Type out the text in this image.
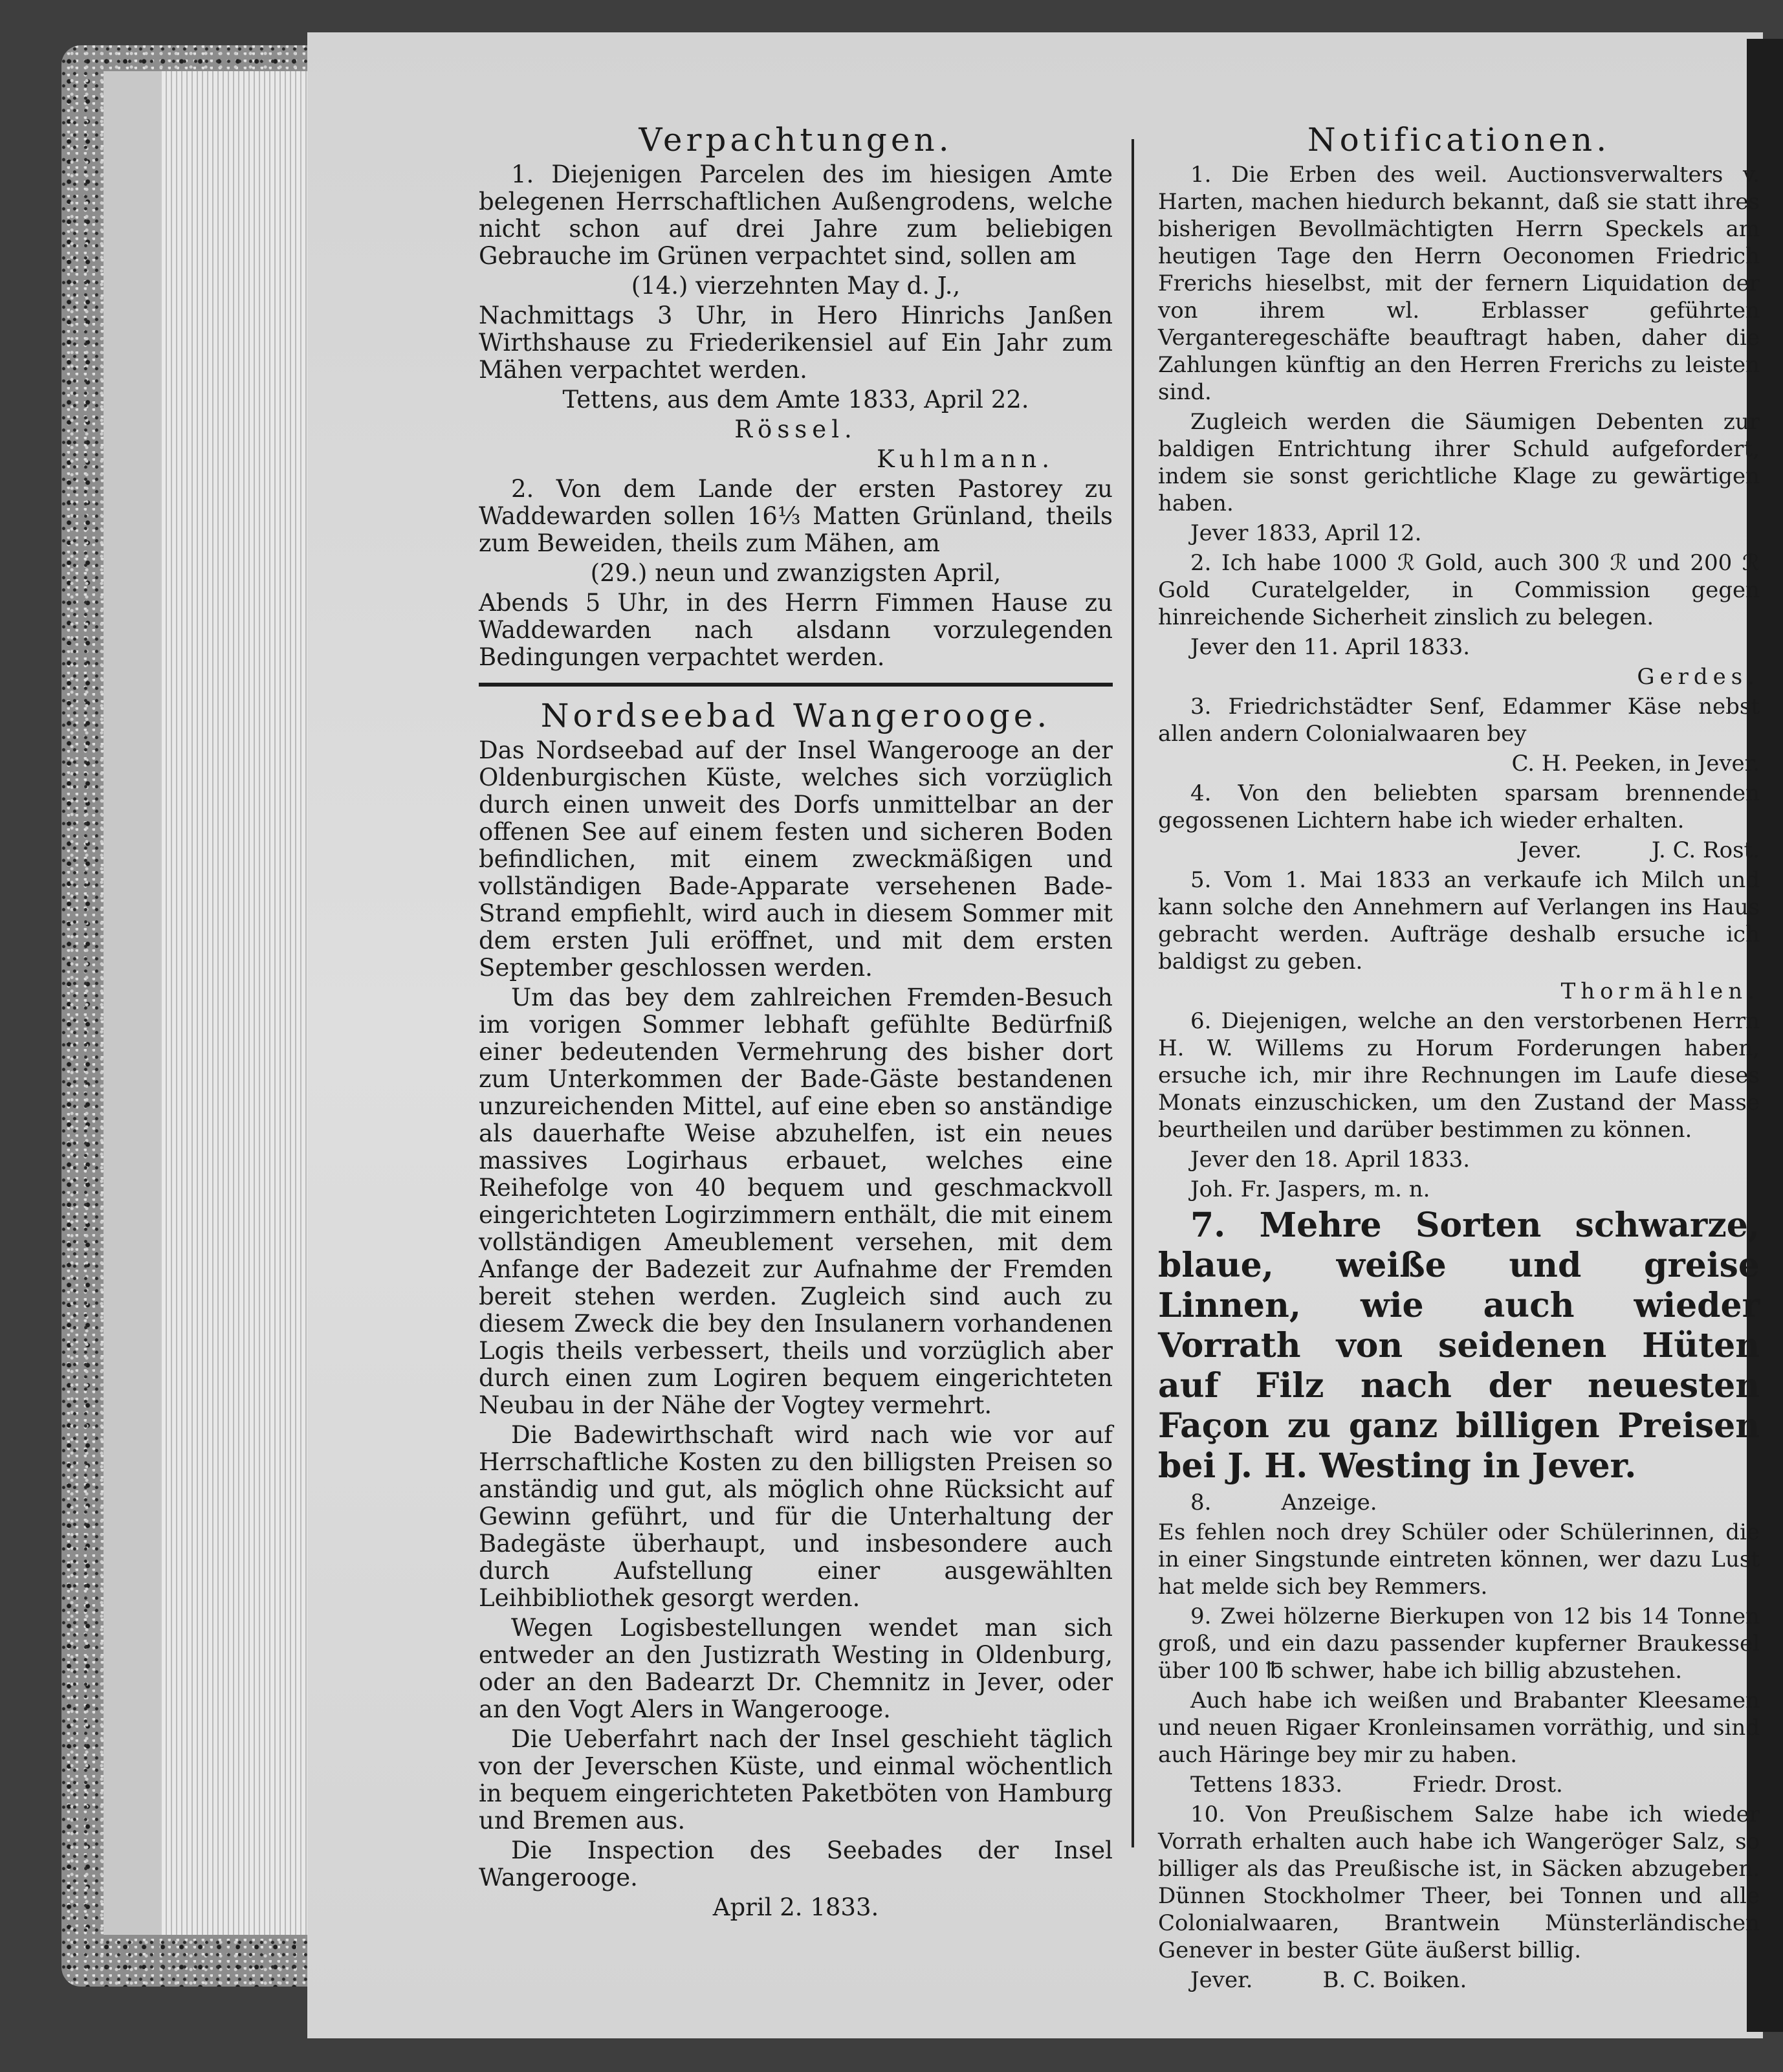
Verpachtungen.

1. Diejenigen Parcelen des im hiesigen Amte belegenen Herrschaftlichen Außengrodens, welche nicht schon auf drei Jahre zum beliebigen Gebrauche im Grünen verpachtet sind, sollen am

(14.) vierzehnten May d. J.,

Nachmittags 3 Uhr, in Hero Hinrichs Janßen Wirthshause zu Friederikensiel auf Ein Jahr zum Mähen verpachtet werden.

Tettens, aus dem Amte 1833, April 22.

Rössel.

Kuhlmann.

2. Von dem Lande der ersten Pastorey zu Waddewarden sollen 16⅓ Matten Grünland, theils zum Beweiden, theils zum Mähen, am

(29.) neun und zwanzigsten April,

Abends 5 Uhr, in des Herrn Fimmen Hause zu Waddewarden nach alsdann vorzulegenden Bedingungen verpachtet werden.

Nordseebad Wangerooge.

Das Nordseebad auf der Insel Wangerooge an der Oldenburgischen Küste, welches sich vorzüglich durch einen unweit des Dorfs unmittelbar an der offenen See auf einem festen und sicheren Boden befindlichen, mit einem zweckmäßigen und vollständigen Bade-Apparate versehenen Bade-Strand empfiehlt, wird auch in diesem Sommer mit dem ersten Juli eröffnet, und mit dem ersten September geschlossen werden.

Um das bey dem zahlreichen Fremden-Besuch im vorigen Sommer lebhaft gefühlte Bedürfniß einer bedeutenden Vermehrung des bisher dort zum Unterkommen der Bade-Gäste bestandenen unzureichenden Mittel, auf eine eben so anständige als dauerhafte Weise abzuhelfen, ist ein neues massives Logirhaus erbauet, welches eine Reihefolge von 40 bequem und geschmackvoll eingerichteten Logirzimmern enthält, die mit einem vollständigen Ameublement versehen, mit dem Anfange der Badezeit zur Aufnahme der Fremden bereit stehen werden. Zugleich sind auch zu diesem Zweck die bey den Insulanern vorhandenen Logis theils verbessert, theils und vorzüglich aber durch einen zum Logiren bequem eingerichteten Neubau in der Nähe der Vogtey vermehrt.

Die Badewirthschaft wird nach wie vor auf Herrschaftliche Kosten zu den billigsten Preisen so anständig und gut, als möglich ohne Rücksicht auf Gewinn geführt, und für die Unterhaltung der Badegäste überhaupt, und insbesondere auch durch Aufstellung einer ausgewählten Leihbibliothek gesorgt werden.

Wegen Logisbestellungen wendet man sich entweder an den Justizrath Westing in Oldenburg, oder an den Badearzt Dr. Chemnitz in Jever, oder an den Vogt Alers in Wangerooge.

Die Ueberfahrt nach der Insel geschieht täglich von der Jeverschen Küste, und einmal wöchentlich in bequem eingerichteten Paketböten von Hamburg und Bremen aus.

Die Inspection des Seebades der Insel Wangerooge.

April 2. 1833.

Notificationen.

1. Die Erben des weil. Auctionsverwalters v. Harten, machen hiedurch bekannt, daß sie statt ihres bisherigen Bevollmächtigten Herrn Speckels am heutigen Tage den Herrn Oeconomen Friedrich Frerichs hieselbst, mit der fernern Liquidation der von ihrem wl. Erblasser geführten Verganteregeschäfte beauftragt haben, daher die Zahlungen künftig an den Herren Frerichs zu leisten sind.

Zugleich werden die Säumigen Debenten zur baldigen Entrichtung ihrer Schuld aufgefordert, indem sie sonst gerichtliche Klage zu gewärtigen haben.

Jever 1833, April 12.

2. Ich habe 1000 ℛ Gold, auch 300 ℛ und 200 ℛ Gold Curatelgelder, in Commission gegen hinreichende Sicherheit zinslich zu belegen.

Jever den 11. April 1833.

Gerdes.

3. Friedrichstädter Senf, Edammer Käse nebst allen andern Colonialwaaren bey

C. H. Peeken, in Jever.

4. Von den beliebten sparsam brennenden gegossenen Lichtern habe ich wieder erhalten.

Jever.          J. C. Rost.

5. Vom 1. Mai 1833 an verkaufe ich Milch und kann solche den Annehmern auf Verlangen ins Haus gebracht werden. Aufträge deshalb ersuche ich baldigst zu geben.

Thormählen.

6. Diejenigen, welche an den verstorbenen Herrn H. W. Willems zu Horum Forderungen haben, ersuche ich, mir ihre Rechnungen im Laufe dieses Monats einzuschicken, um den Zustand der Masse beurtheilen und darüber bestimmen zu können.

Jever den 18. April 1833.

Joh. Fr. Jaspers, m. n.

7. Mehre Sorten schwarze, blaue, weiße und greise Linnen, wie auch wieder Vorrath von seidenen Hüten auf Filz nach der neuesten Façon zu ganz billigen Preisen bei J. H. Westing in Jever.

8.          Anzeige.

Es fehlen noch drey Schüler oder Schülerinnen, die in einer Singstunde eintreten können, wer dazu Lust hat melde sich bey Remmers.

9. Zwei hölzerne Bierkupen von 12 bis 14 Tonnen groß, und ein dazu passender kupferner Braukessel über 100 ℔ schwer, habe ich billig abzustehen.

Auch habe ich weißen und Brabanter Kleesamen und neuen Rigaer Kronleinsamen vorräthig, und sind auch Häringe bey mir zu haben.

Tettens 1833.          Friedr. Drost.

10. Von Preußischem Salze habe ich wieder Vorrath erhalten auch habe ich Wangeröger Salz, so billiger als das Preußische ist, in Säcken abzugeben. Dünnen Stockholmer Theer, bei Tonnen und alle Colonialwaaren, Brantwein Münsterländischen Genever in bester Güte äußerst billig.

Jever.          B. C. Boiken.
